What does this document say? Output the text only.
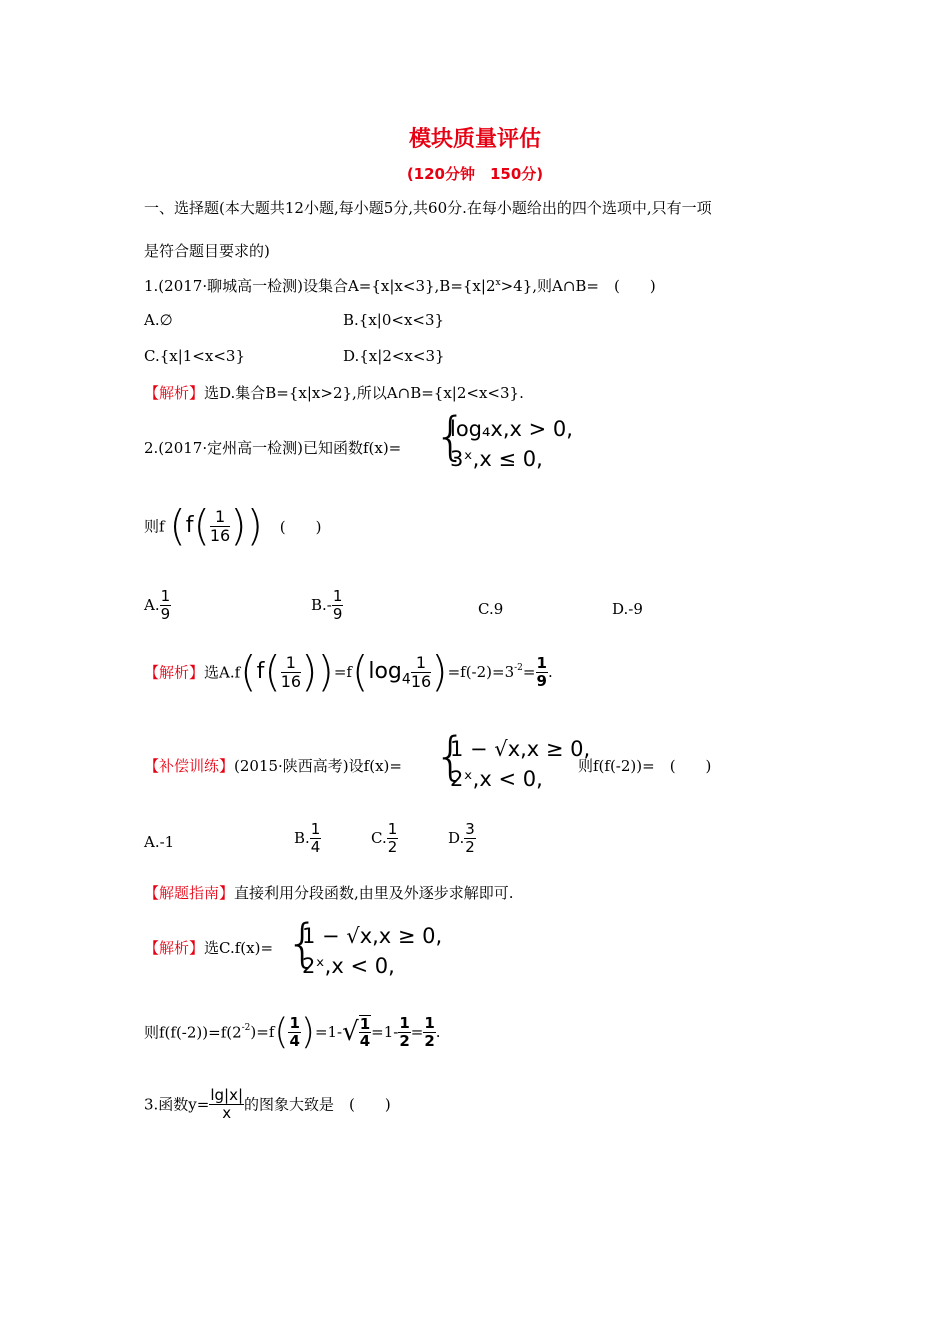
模块质量评估
(120分钟　150分)
一、选择题(本大题共12小题,每小题5分,共60分.在每小题给出的四个选项中,只有一项
是符合题目要求的)
1.(2017·聊城高一检测)设集合$A=\{x|x<3\},B=\{x|2^x>4\}$,则A∩B=　(　　)
A.∅	B.{x|0<x<3}
C.{x|1<x<3}	D.{x|2<x<3}
【解析】选D.集合B={x|x>2},所以A∩B={x|2<x<3}.
2.(2017·定州高一检测)已知函数f(x)= {
log₄x,x > 0,
3ˣ,x ≤ 0,
则f ($f( \frac{1}{16}$ )) (　　)
A. $\frac{1}{9}$	$B.- \frac{1}{9}$	C.9	D.-9
【解析】选$A.f(f( \frac{1}{16} ))=f(\log_4 \frac{1}{16} )=f(-2)=3^{-2}= \frac{1}{9}$ .
【补偿训练】(2015·陕西高考)设f(x)= {
1 − √x,x ≥ 0,
2ˣ,x < 0,
则f(f(-2))=　(　　)
A.-1	B. $\frac{1}{4}$	C. $\frac{1}{2}$	D. $\frac{3}{2}$
【解题指南】直接利用分段函数,由里及外逐步求解即可.
【解析】选C.f(x)= {
1 − √x,x ≥ 0,
2ˣ,x < 0,
则$f(f(-2))=f(2^{-2})=f( \frac{1}{4} )=1-√ \frac{1}{4} =1- \frac{1}{2} = \frac{1}{2}$ .
3.函数$y= \frac{\lg|x|}{x}$ 的图象大致是　(　　)
